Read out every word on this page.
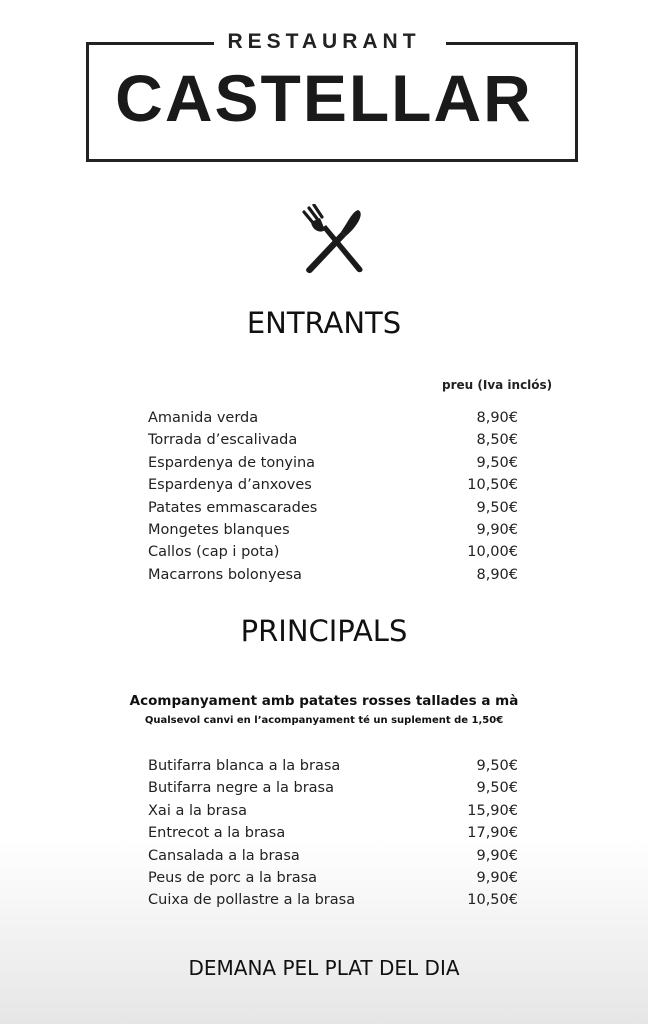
RESTAURANT
CASTELLAR
ENTRANTS
preu (Iva inclós)
Amanida verda	8,90€
Torrada d’escalivada	8,50€
Espardenya de tonyina	9,50€
Espardenya d’anxoves	10,50€
Patates emmascarades	9,50€
Mongetes blanques	9,90€
Callos (cap i pota)	10,00€
Macarrons bolonyesa	8,90€
PRINCIPALS
Acompanyament amb patates rosses tallades a mà
Qualsevol canvi en l’acompanyament té un suplement de 1,50€
Butifarra blanca a la brasa	9,50€
Butifarra negre a la brasa	9,50€
Xai a la brasa	15,90€
Entrecot a la brasa	17,90€
Cansalada a la brasa	9,90€
Peus de porc a la brasa	9,90€
Cuixa de pollastre a la brasa	10,50€
DEMANA PEL PLAT DEL DIA
